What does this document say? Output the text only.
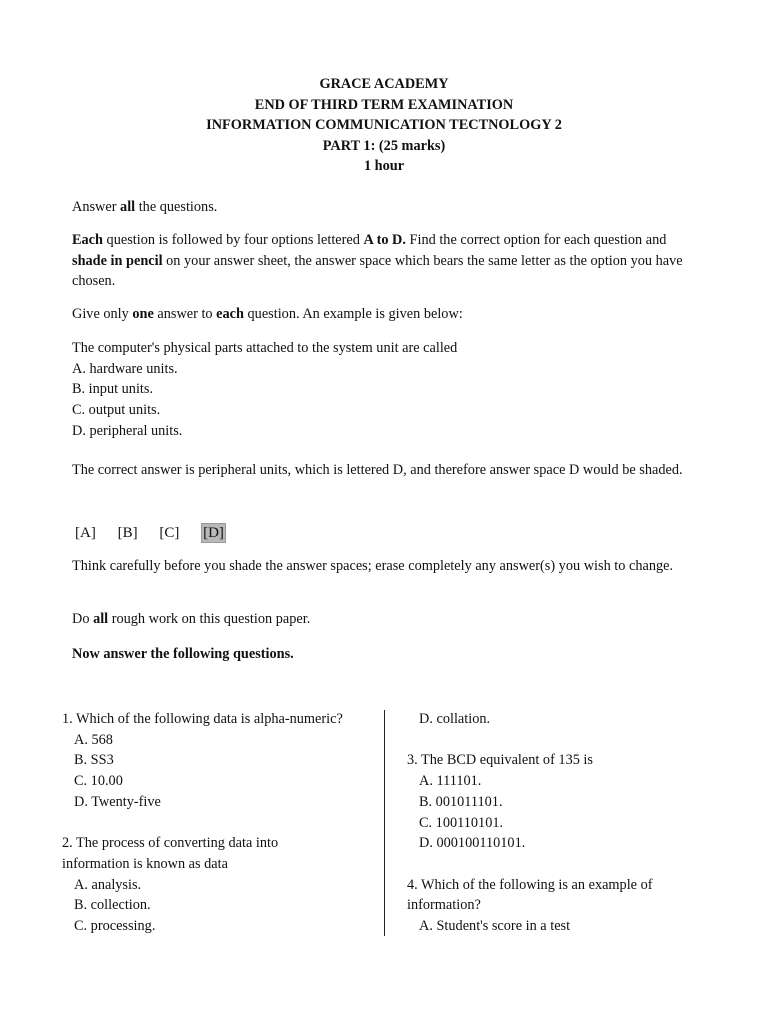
GRACE ACADEMY
END OF THIRD TERM EXAMINATION
INFORMATION COMMUNICATION TECTNOLOGY 2
PART 1: (25 marks)
1 hour
Answer all the questions.
Each question is followed by four options lettered A to D. Find the correct option for each question and shade in pencil on your answer sheet, the answer space which bears the same letter as the option you have chosen.
Give only one answer to each question. An example is given below:
The computer's physical parts attached to the system unit are called
A. hardware units.
B. input units.
C. output units.
D. peripheral units.
The correct answer is peripheral units, which is lettered D, and therefore answer space D would be shaded.
[A] [B] [C] [D]
Think carefully before you shade the answer spaces; erase completely any answer(s) you wish to change.
Do all rough work on this question paper.
Now answer the following questions.
1. Which of the following data is alpha-numeric?
A. 568
B. SS3
C. 10.00
D. Twenty-five
2. The process of converting data into
information is known as data
A. analysis.
B. collection.
C. processing.
D. collation.
3. The BCD equivalent of 135 is
A. 111101.
B. 001011101.
C. 100110101.
D. 000100110101.
4. Which of the following is an example of
information?
A. Student's score in a test
